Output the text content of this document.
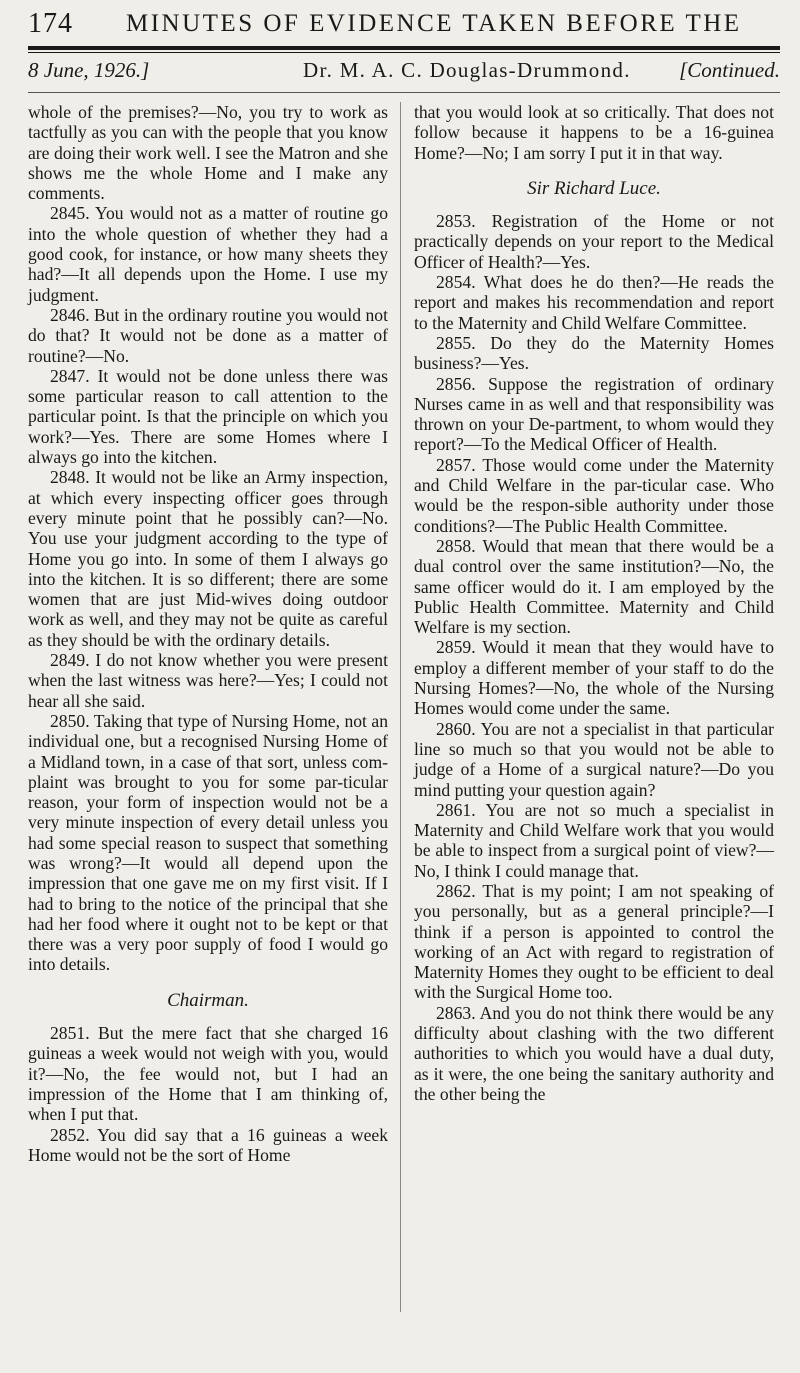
174 MINUTES OF EVIDENCE TAKEN BEFORE THE
8 June, 1926.]	Dr. M. A. C. Douglas-Drummond. [Continued.

whole of the premises?—No, you try to work as tactfully as you can with the people that you know are doing their work well. I see the Matron and she shows me the whole Home and I make any comments.

2845. You would not as a matter of routine go into the whole question of whether they had a good cook, for instance, or how many sheets they had?—It all depends upon the Home. I use my judgment.

2846. But in the ordinary routine you would not do that? It would not be done as a matter of routine?—No.

2847. It would not be done unless there was some particular reason to call attention to the particular point. Is that the principle on which you work?—Yes. There are some Homes where I always go into the kitchen.

2848. It would not be like an Army inspection, at which every inspecting officer goes through every minute point that he possibly can?—No. You use your judgment according to the type of Home you go into. In some of them I always go into the kitchen. It is so different; there are some women that are just Mid-wives doing outdoor work as well, and they may not be quite as careful as they should be with the ordinary details.

2849. I do not know whether you were present when the last witness was here?—Yes; I could not hear all she said.

2850. Taking that type of Nursing Home, not an individual one, but a recognised Nursing Home of a Midland town, in a case of that sort, unless com-plaint was brought to you for some par-ticular reason, your form of inspection would not be a very minute inspection of every detail unless you had some special reason to suspect that something was wrong?—It would all depend upon the impression that one gave me on my first visit. If I had to bring to the notice of the principal that she had her food where it ought not to be kept or that there was a very poor supply of food I would go into details.

Chairman.

2851. But the mere fact that she charged 16 guineas a week would not weigh with you, would it?—No, the fee would not, but I had an impression of the Home that I am thinking of, when I put that.

2852. You did say that a 16 guineas a week Home would not be the sort of Home

that you would look at so critically. That does not follow because it happens to be a 16-guinea Home?—No; I am sorry I put it in that way.

Sir Richard Luce.

2853. Registration of the Home or not practically depends on your report to the Medical Officer of Health?—Yes.

2854. What does he do then?—He reads the report and makes his recommendation and report to the Maternity and Child Welfare Committee.

2855. Do they do the Maternity Homes business?—Yes.

2856. Suppose the registration of ordinary Nurses came in as well and that responsibility was thrown on your De-partment, to whom would they report?—To the Medical Officer of Health.

2857. Those would come under the Maternity and Child Welfare in the par-ticular case. Who would be the respon-sible authority under those conditions?—The Public Health Committee.

2858. Would that mean that there would be a dual control over the same institution?—No, the same officer would do it. I am employed by the Public Health Committee. Maternity and Child Welfare is my section.

2859. Would it mean that they would have to employ a different member of your staff to do the Nursing Homes?—No, the whole of the Nursing Homes would come under the same.

2860. You are not a specialist in that particular line so much so that you would not be able to judge of a Home of a surgical nature?—Do you mind putting your question again?

2861. You are not so much a specialist in Maternity and Child Welfare work that you would be able to inspect from a surgical point of view?—No, I think I could manage that.

2862. That is my point; I am not speaking of you personally, but as a general principle?—I think if a person is appointed to control the working of an Act with regard to registration of Maternity Homes they ought to be efficient to deal with the Surgical Home too.

2863. And you do not think there would be any difficulty about clashing with the two different authorities to which you would have a dual duty, as it were, the one being the sanitary authority and the other being the
